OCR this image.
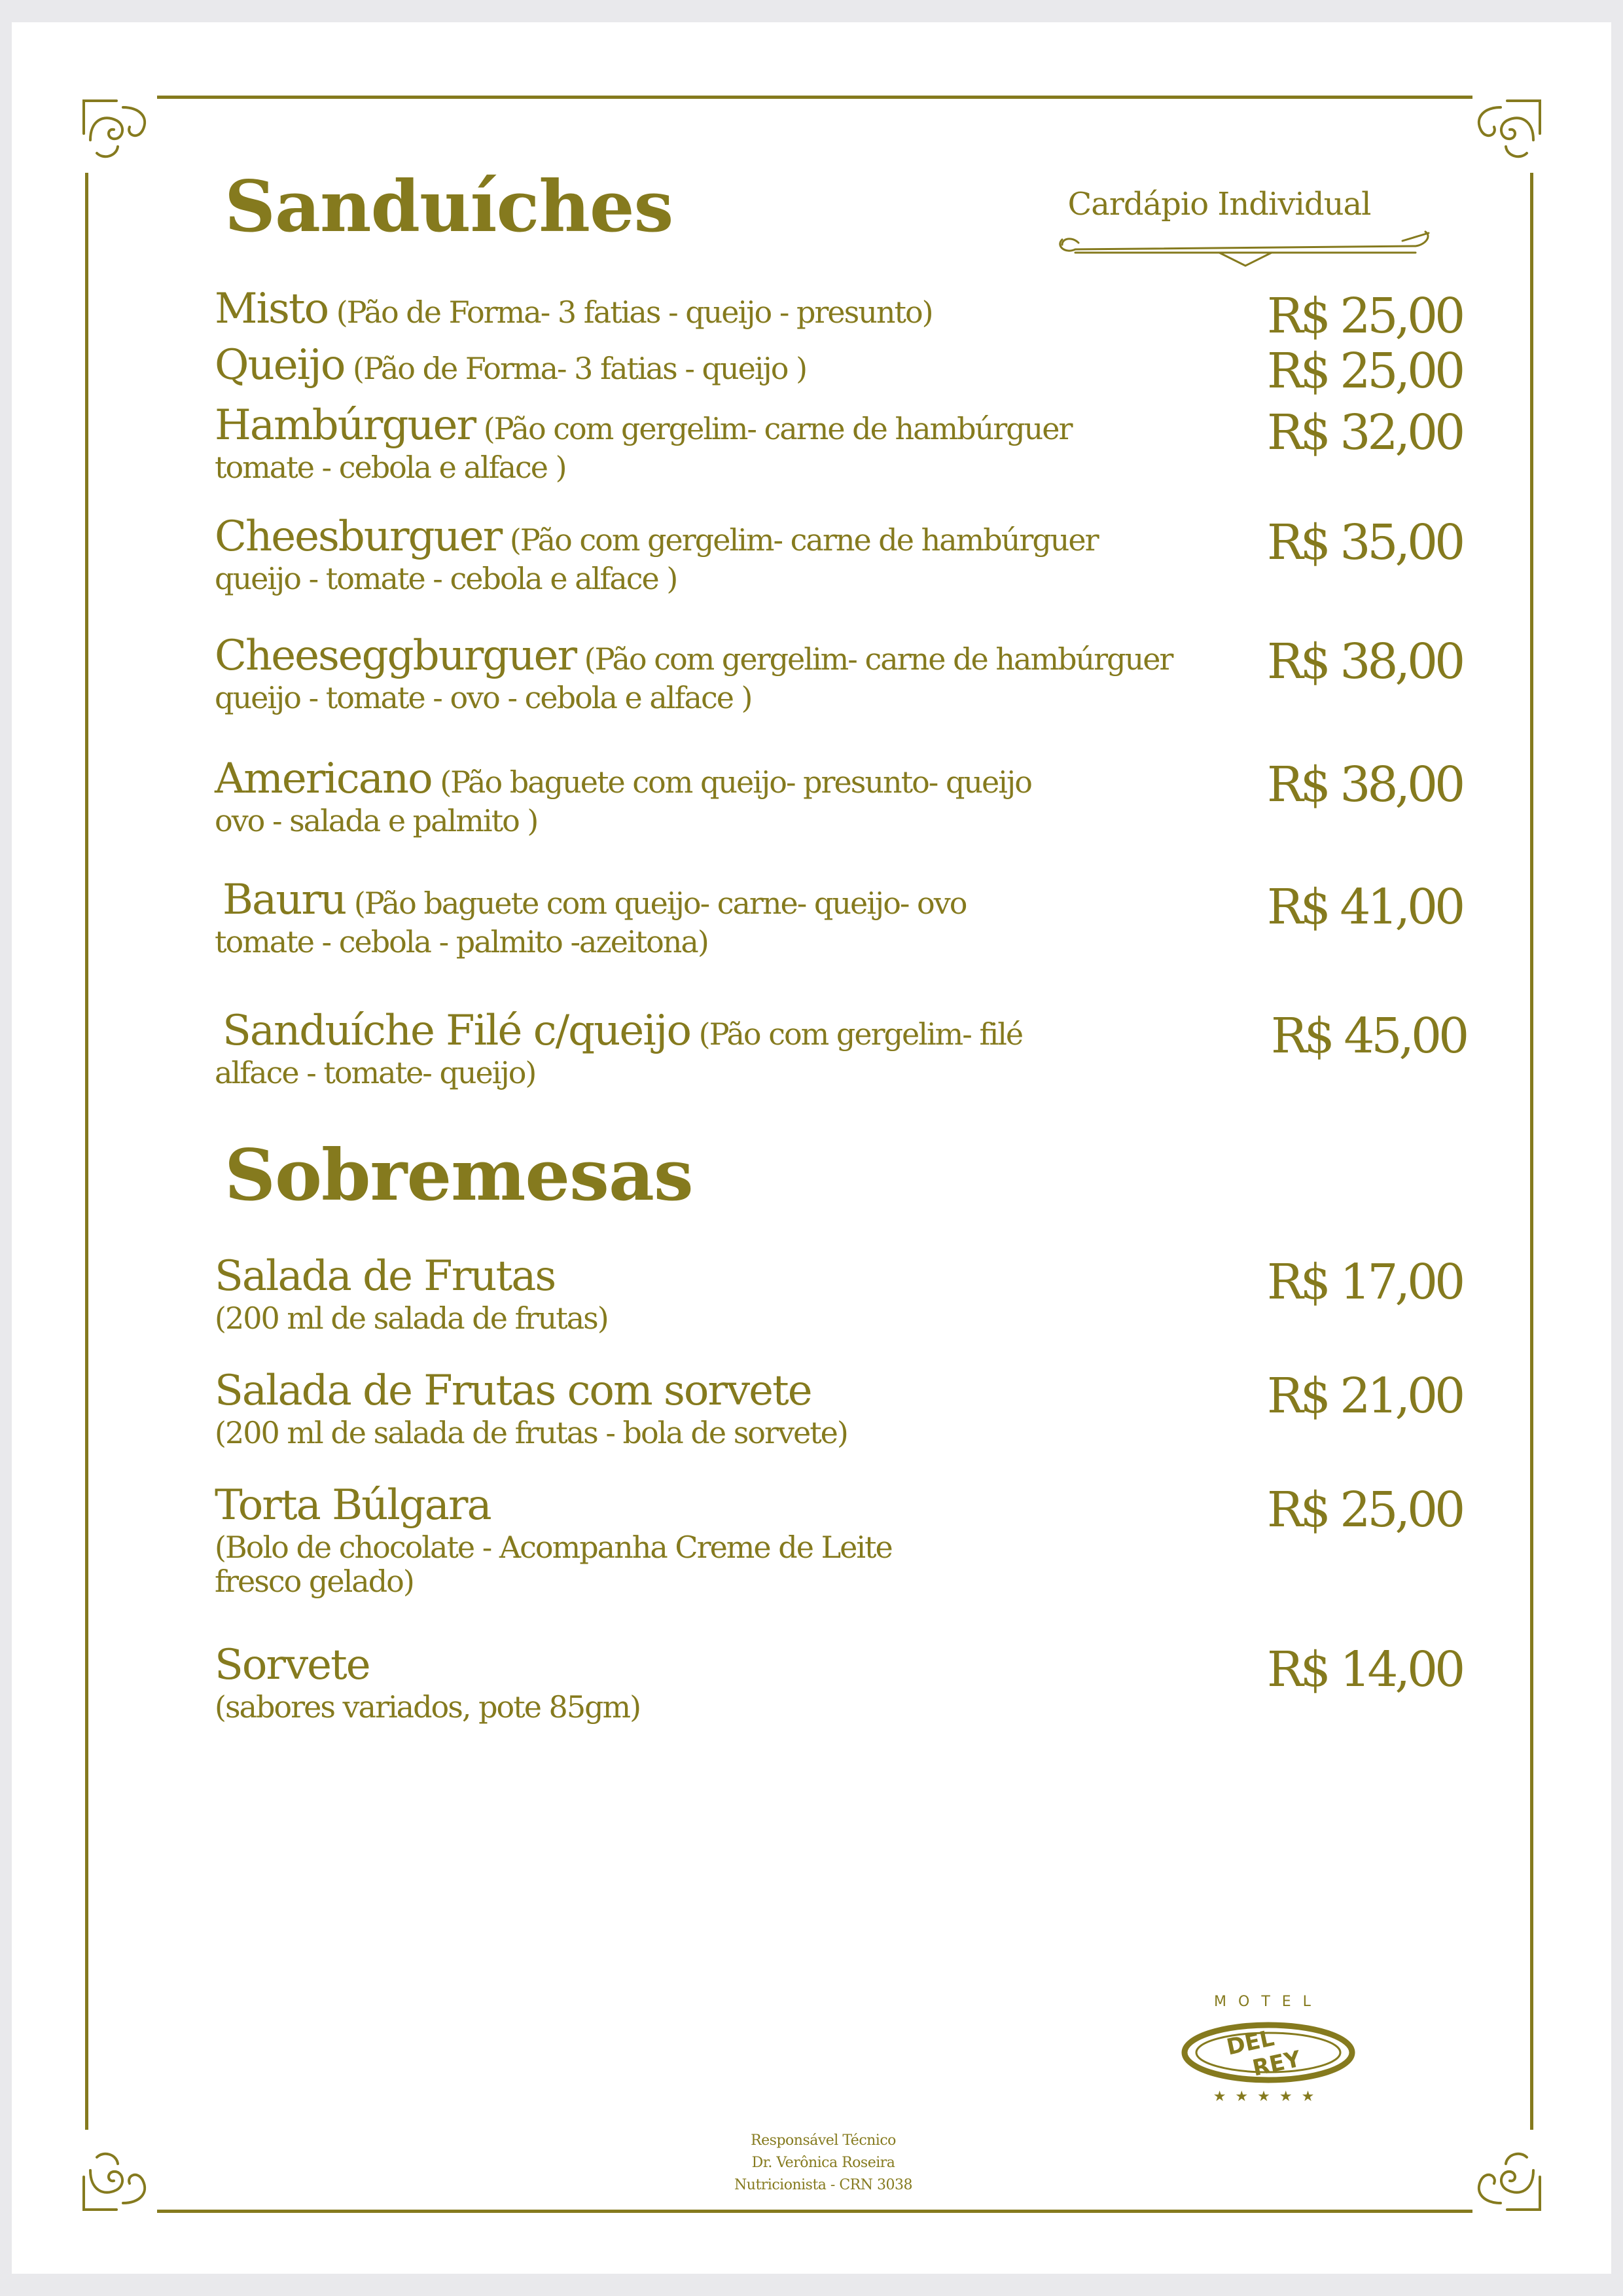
Sanduíches
Sobremesas
Cardápio Individual
Misto (Pão de Forma- 3 fatias - queijo - presunto)	R$ 25,00
Queijo (Pão de Forma- 3 fatias - queijo )	R$ 25,00
Hambúrguer (Pão com gergelim- carne de hambúrguer
tomate - cebola e alface )
R$ 32,00
Cheesburguer (Pão com gergelim- carne de hambúrguer
queijo - tomate - cebola e alface )
R$ 35,00
Cheeseggburguer (Pão com gergelim- carne de hambúrguer
queijo - tomate - ovo - cebola e alface )
R$ 38,00
Americano (Pão baguete com queijo- presunto- queijo
ovo - salada e palmito )
R$ 38,00
Bauru (Pão baguete com queijo- carne- queijo- ovo
tomate - cebola - palmito -azeitona)
R$ 41,00
Sanduíche Filé c/queijo (Pão com gergelim- filé
alface - tomate- queijo)
R$ 45,00
Salada de Frutas
(200 ml de salada de frutas)
R$ 17,00
Salada de Frutas com sorvete
(200 ml de salada de frutas - bola de sorvete)
R$ 21,00
Torta Búlgara
(Bolo de chocolate - Acompanha Creme de Leite
fresco gelado)
R$ 25,00
Sorvete
(sabores variados, pote 85gm)
R$ 14,00
MOTEL
DEL
REY
★★★★★
Responsável Técnico
Dr. Verônica Roseira
Nutricionista - CRN 3038
